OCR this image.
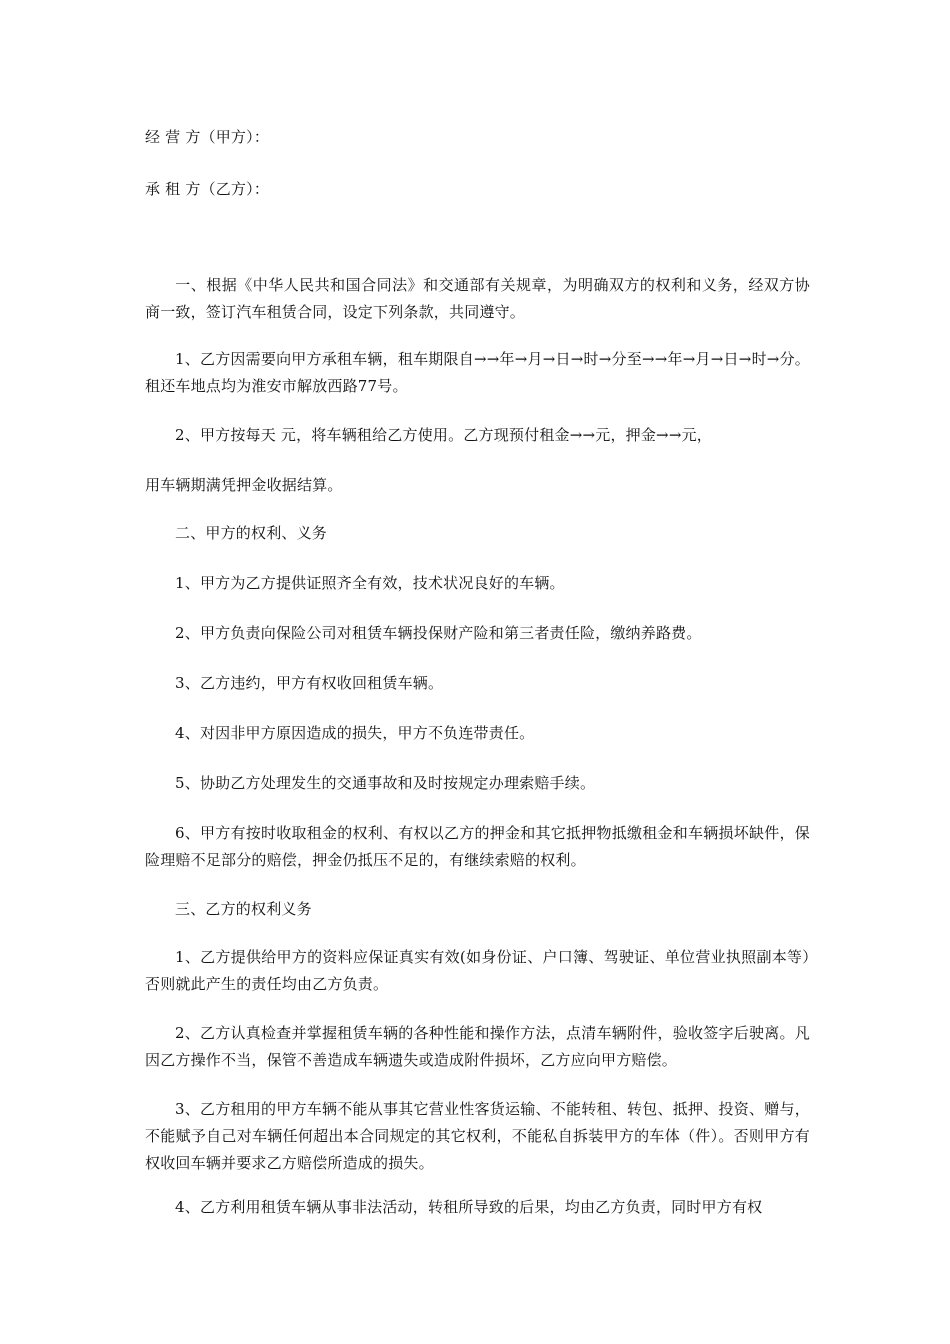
经 营 方（甲方）：
承 租 方（乙方）：
一、根据《中华人民共和国合同法》和交通部有关规章，为明确双方的权利和义务，经双方协商一致，签订汽车租赁合同，设定下列条款，共同遵守。
1、乙方因需要向甲方承租车辆，租车期限自→→年→月→日→时→分至→→年→月→日→时→分。租还车地点均为淮安市解放西路77号。
2、甲方按每天 元，将车辆租给乙方使用。乙方现预付租金→→元，押金→→元，
用车辆期满凭押金收据结算。
二、甲方的权利、义务
1、甲方为乙方提供证照齐全有效，技术状况良好的车辆。
2、甲方负责向保险公司对租赁车辆投保财产险和第三者责任险，缴纳养路费。
3、乙方违约，甲方有权收回租赁车辆。
4、对因非甲方原因造成的损失，甲方不负连带责任。
5、协助乙方处理发生的交通事故和及时按规定办理索赔手续。
6、甲方有按时收取租金的权利、有权以乙方的押金和其它抵押物抵缴租金和车辆损坏缺件，保险理赔不足部分的赔偿，押金仍抵压不足的，有继续索赔的权利。
三、乙方的权利义务
1、乙方提供给甲方的资料应保证真实有效(如身份证、户口簿、驾驶证、单位营业执照副本等）否则就此产生的责任均由乙方负责。
2、乙方认真检查并掌握租赁车辆的各种性能和操作方法，点清车辆附件，验收签字后驶离。凡因乙方操作不当，保管不善造成车辆遗失或造成附件损坏，乙方应向甲方赔偿。
3、乙方租用的甲方车辆不能从事其它营业性客货运输、不能转租、转包、抵押、投资、赠与，不能赋予自己对车辆任何超出本合同规定的其它权利，不能私自拆装甲方的车体（件）。否则甲方有权收回车辆并要求乙方赔偿所造成的损失。
4、乙方利用租赁车辆从事非法活动，转租所导致的后果，均由乙方负责，同时甲方有权
